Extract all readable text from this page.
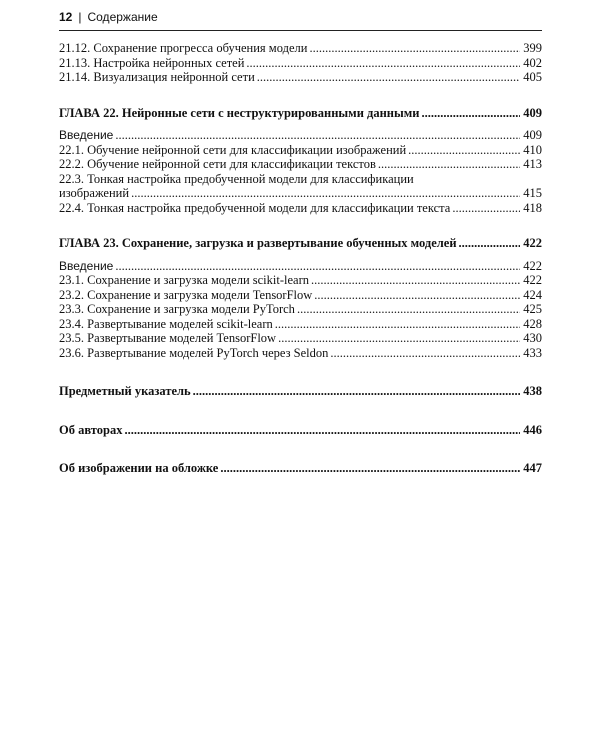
12 | Содержание
21.12. Сохранение прогресса обучения модели .....	399
21.13. Настройка нейронных сетей .....	402
21.14. Визуализация нейронной сети .....	405
ГЛАВА 22. Нейронные сети с неструктурированными данными .....	409
Введение .....	409
22.1. Обучение нейронной сети для классификации изображений .....	410
22.2. Обучение нейронной сети для классификации текстов .....	413
22.3. Тонкая настройка предобученной модели для классификации
изображений .....	415
22.4. Тонкая настройка предобученной модели для классификации текста .....	418
ГЛАВА 23. Сохранение, загрузка и развертывание обученных моделей .....	422
Введение .....	422
23.1. Сохранение и загрузка модели scikit-learn .....	422
23.2. Сохранение и загрузка модели TensorFlow .....	424
23.3. Сохранение и загрузка модели PyTorch .....	425
23.4. Развертывание моделей scikit-learn .....	428
23.5. Развертывание моделей TensorFlow .....	430
23.6. Развертывание моделей PyTorch через Seldon .....	433
Предметный указатель .....	438
Об авторах .....	446
Об изображении на обложке .....	447
